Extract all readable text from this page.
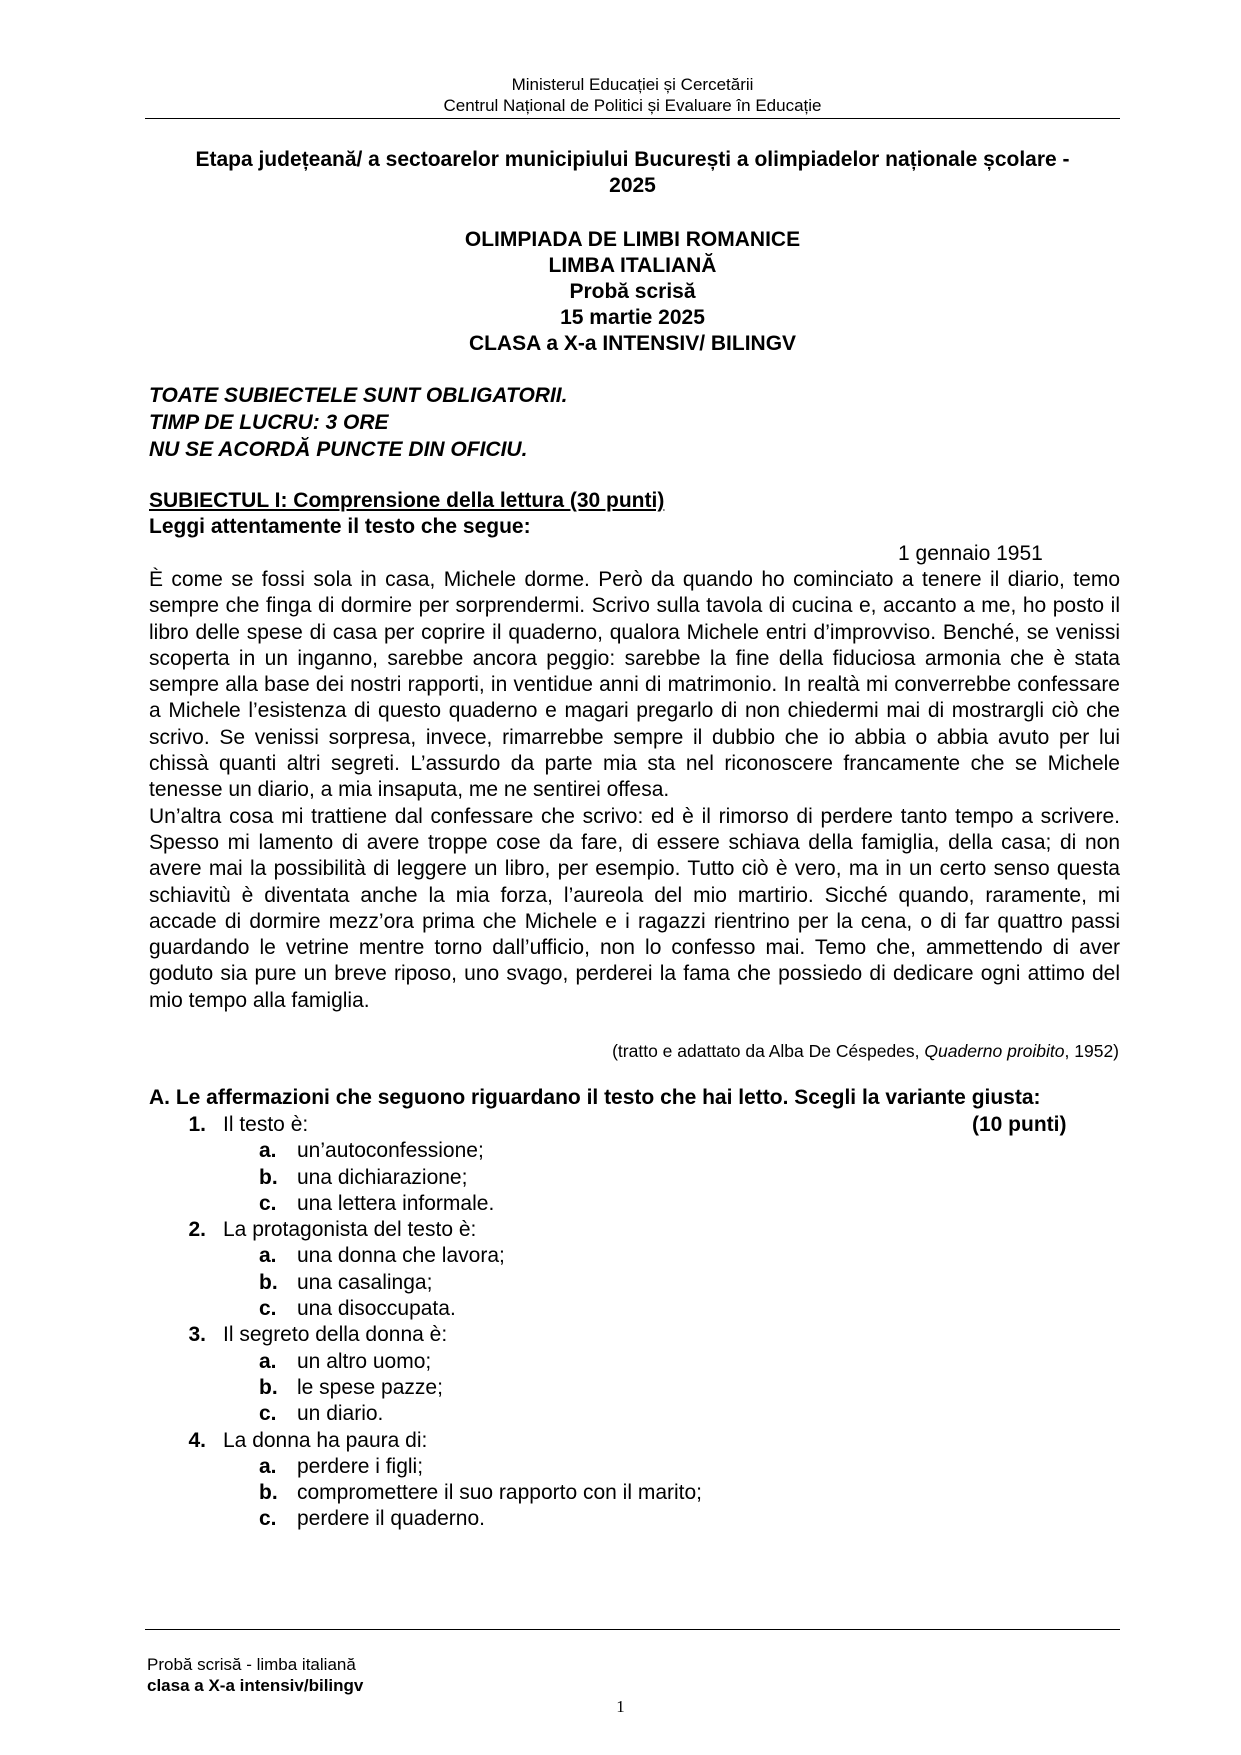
Ministerul Educației și Cercetării
Centrul Național de Politici și Evaluare în Educație
Etapa județeană/ a sectoarelor municipiului București a olimpiadelor naționale școlare -
2025
OLIMPIADA DE LIMBI ROMANICE
LIMBA ITALIANĂ
Probă scrisă
15 martie 2025
CLASA a X-a INTENSIV/ BILINGV
TOATE SUBIECTELE SUNT OBLIGATORII.
TIMP DE LUCRU: 3 ORE
NU SE ACORDĂ PUNCTE DIN OFICIU.
SUBIECTUL I: Comprensione della lettura (30 punti)
Leggi attentamente il testo che segue:
1 gennaio 1951

È come se fossi sola in casa, Michele dorme. Però da quando ho cominciato a tenere il diario, temo sempre che finga di dormire per sorprendermi. Scrivo sulla tavola di cucina e, accanto a me, ho posto il libro delle spese di casa per coprire il quaderno, qualora Michele entri d’improvviso. Benché, se venissi scoperta in un inganno, sarebbe ancora peggio: sarebbe la fine della fiduciosa armonia che è stata sempre alla base dei nostri rapporti, in ventidue anni di matrimonio. In realtà mi converrebbe confessare a Michele l’esistenza di questo quaderno e magari pregarlo di non chiedermi mai di mostrargli ciò che scrivo. Se venissi sorpresa, invece, rimarrebbe sempre il dubbio che io abbia o abbia avuto per lui chissà quanti altri segreti. L’assurdo da parte mia sta nel riconoscere francamente che se Michele tenesse un diario, a mia insaputa, me ne sentirei offesa.

Un’altra cosa mi trattiene dal confessare che scrivo: ed è il rimorso di perdere tanto tempo a scrivere. Spesso mi lamento di avere troppe cose da fare, di essere schiava della famiglia, della casa; di non avere mai la possibilità di leggere un libro, per esempio. Tutto ciò è vero, ma in un certo senso questa schiavitù è diventata anche la mia forza, l’aureola del mio martirio. Sicché quando, raramente, mi accade di dormire mezz’ora prima che Michele e i ragazzi rientrino per la cena, o di far quattro passi guardando le vetrine mentre torno dall’ufficio, non lo confesso mai. Temo che, ammettendo di aver goduto sia pure un breve riposo, uno svago, perderei la fama che possiedo di dedicare ogni attimo del mio tempo alla famiglia.

(tratto e adattato da Alba De Céspedes, Quaderno proibito, 1952)
A. Le affermazioni che seguono riguardano il testo che hai letto. Scegli la variante giusta:
(10 punti)
1. Il testo è:
a. un’autoconfessione;
b. una dichiarazione;
c. una lettera informale.
2. La protagonista del testo è:
a. una donna che lavora;
b. una casalinga;
c. una disoccupata.
3. Il segreto della donna è:
a. un altro uomo;
b. le spese pazze;
c. un diario.
4. La donna ha paura di:
a. perdere i figli;
b. compromettere il suo rapporto con il marito;
c. perdere il quaderno.
Probă scrisă - limba italiană
clasa a X-a intensiv/bilingv
1
